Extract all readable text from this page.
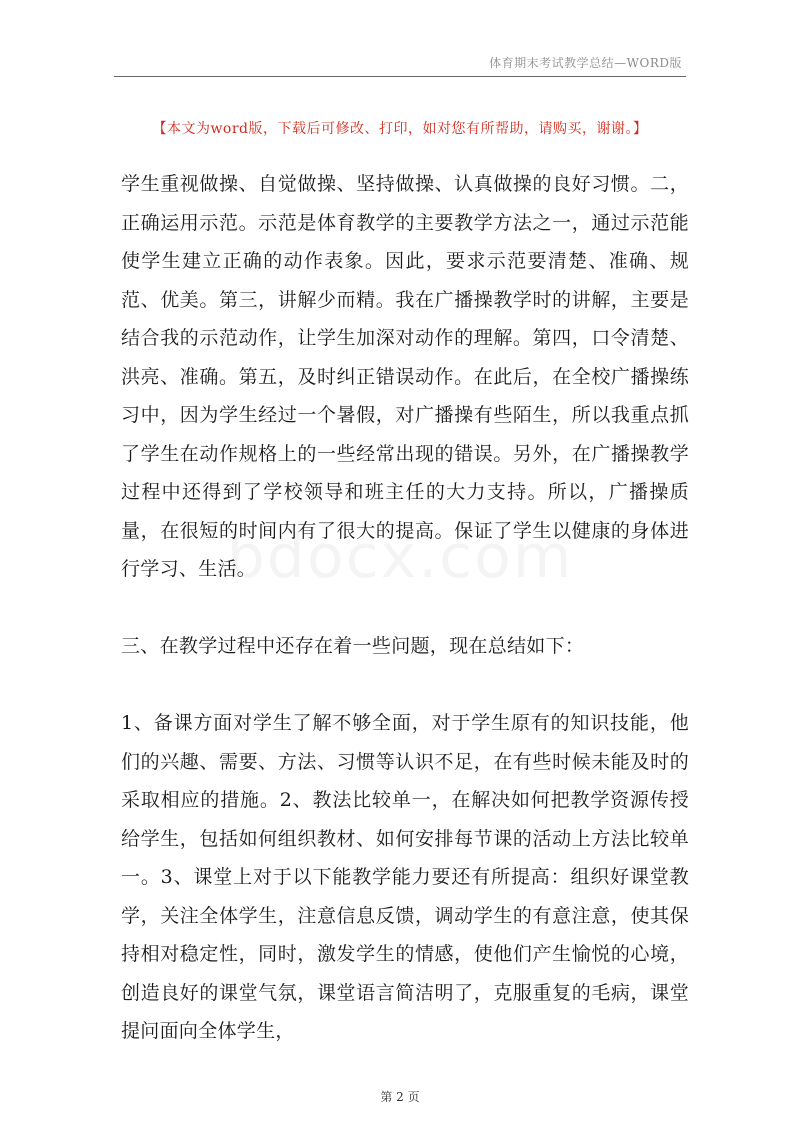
体育期末考试教学总结—WORD版
【本文为word版，下载后可修改、打印，如对您有所帮助，请购买，谢谢。】

学生重视做操、自觉做操、坚持做操、认真做操的良好习惯。二，正确运用示范。示范是体育教学的主要教学方法之一，通过示范能使学生建立正确的动作表象。因此，要求示范要清楚、准确、规范、优美。第三，讲解少而精。我在广播操教学时的讲解，主要是结合我的示范动作，让学生加深对动作的理解。第四，口令清楚、洪亮、准确。第五，及时纠正错误动作。在此后，在全校广播操练习中，因为学生经过一个暑假，对广播操有些陌生，所以我重点抓了学生在动作规格上的一些经常出现的错误。另外，在广播操教学过程中还得到了学校领导和班主任的大力支持。所以，广播操质量，在很短的时间内有了很大的提高。保证了学生以健康的身体进行学习、生活。

三、在教学过程中还存在着一些问题，现在总结如下：

1、备课方面对学生了解不够全面，对于学生原有的知识技能，他们的兴趣、需要、方法、习惯等认识不足，在有些时候未能及时的采取相应的措施。2、教法比较单一，在解决如何把教学资源传授给学生，包括如何组织教材、如何安排每节课的活动上方法比较单一。3、课堂上对于以下能教学能力要还有所提高：组织好课堂教学，关注全体学生，注意信息反馈，调动学生的有意注意，使其保持相对稳定性，同时，激发学生的情感，使他们产生愉悦的心境，创造良好的课堂气氛，课堂语言简洁明了，克服重复的毛病，课堂提问面向全体学生，

第 2 页
